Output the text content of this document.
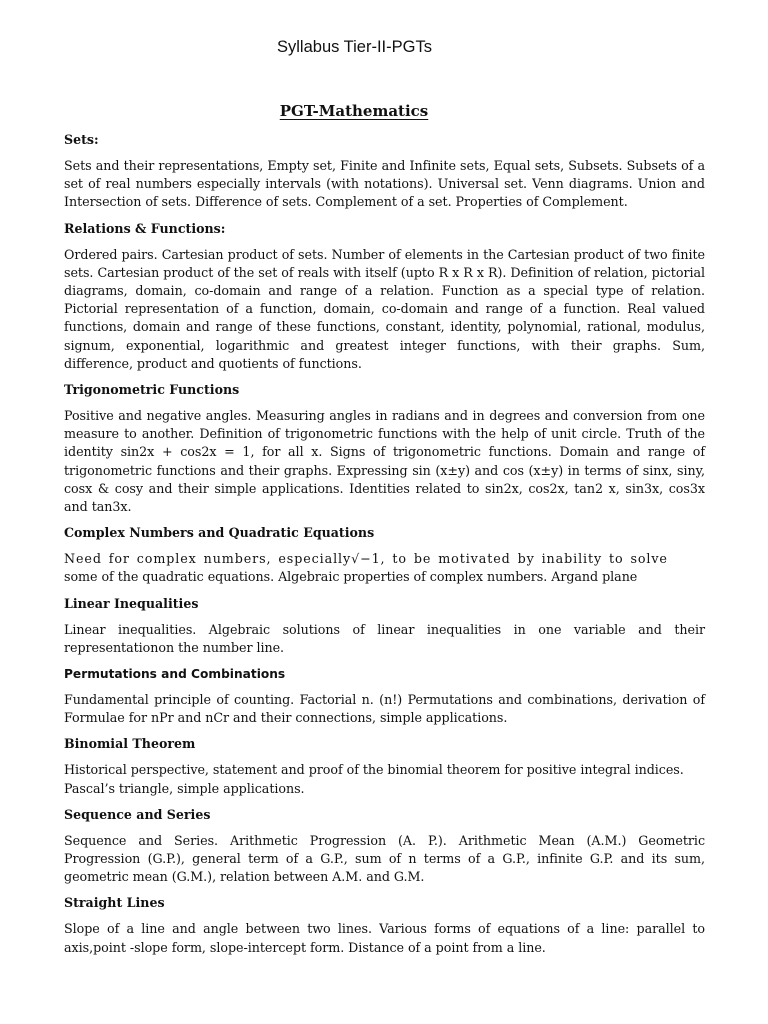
Syllabus Tier-II-PGTs
PGT-Mathematics
Sets:
Sets and their representations, Empty set, Finite and Infinite sets, Equal sets, Subsets. Subsets of a set of real numbers especially intervals (with notations). Universal set. Venn diagrams. Union and Intersection of sets. Difference of sets. Complement of a set. Properties of Complement.
Relations & Functions:
Ordered pairs. Cartesian product of sets. Number of elements in the Cartesian product of two finite sets. Cartesian product of the set of reals with itself (upto R x R x R). Definition of relation, pictorial diagrams, domain, co-domain and range of a relation. Function as a special type of relation. Pictorial representation of a function, domain, co-domain and range of a function. Real valued functions, domain and range of these functions, constant, identity, polynomial, rational, modulus, signum, exponential, logarithmic and greatest integer functions, with their graphs. Sum, difference, product and quotients of functions.
Trigonometric Functions
Positive and negative angles. Measuring angles in radians and in degrees and conversion from one measure to another. Definition of trigonometric functions with the help of unit circle. Truth of the identity sin2x + cos2x = 1, for all x. Signs of trigonometric functions. Domain and range of trigonometric functions and their graphs. Expressing sin (x±y) and cos (x±y) in terms of sinx, siny, cosx & cosy and their simple applications. Identities related to sin2x, cos2x, tan2 x, sin3x, cos3x and tan3x.
Complex Numbers and Quadratic Equations
Need for complex numbers, especially√−1, to be motivated by inability to solve
some of the quadratic equations. Algebraic properties of complex numbers. Argand plane
Linear Inequalities
Linear inequalities. Algebraic solutions of linear inequalities in one variable and their representationon the number line.
Permutations and Combinations
Fundamental principle of counting. Factorial n. (n!) Permutations and combinations, derivation of Formulae for nPr and nCr and their connections, simple applications.
Binomial Theorem
Historical perspective, statement and proof of the binomial theorem for positive integral indices.
Pascal’s triangle, simple applications.
Sequence and Series
Sequence and Series. Arithmetic Progression (A. P.). Arithmetic Mean (A.M.) Geometric Progression (G.P.), general term of a G.P., sum of n terms of a G.P., infinite G.P. and its sum, geometric mean (G.M.), relation between A.M. and G.M.
Straight Lines
Slope of a line and angle between two lines. Various forms of equations of a line: parallel to axis,point -slope form, slope-intercept form. Distance of a point from a line.
